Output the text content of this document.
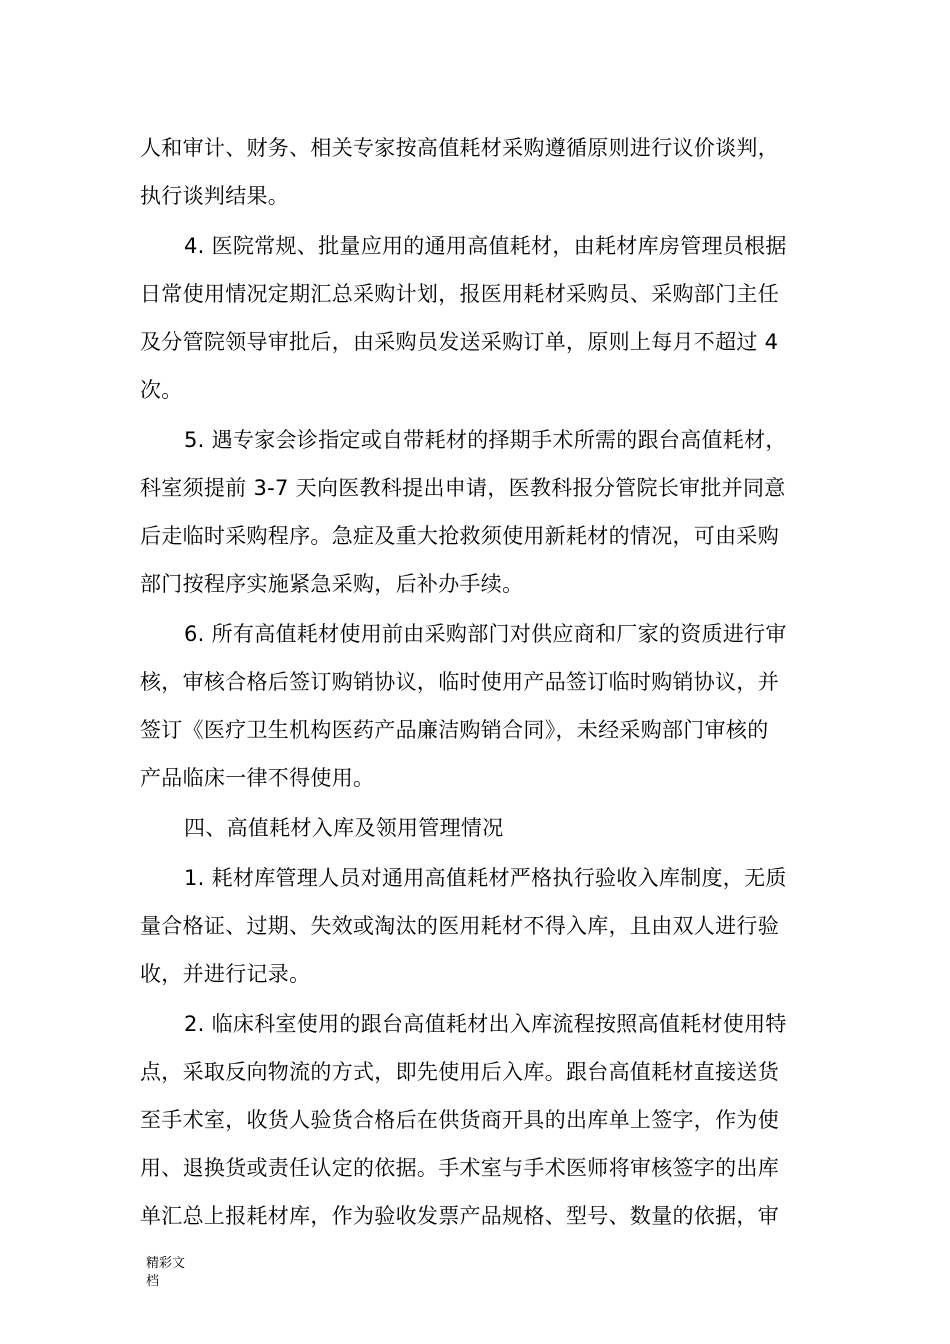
人和审计、财务、相关专家按高值耗材采购遵循原则进行议价谈判，
执行谈判结果。
4. 医院常规、批量应用的通用高值耗材，由耗材库房管理员根据
日常使用情况定期汇总采购计划，报医用耗材采购员、采购部门主任
及分管院领导审批后，由采购员发送采购订单，原则上每月不超过 4
次。
5. 遇专家会诊指定或自带耗材的择期手术所需的跟台高值耗材，
科室须提前 3-7 天向医教科提出申请，医教科报分管院长审批并同意
后走临时采购程序。急症及重大抢救须使用新耗材的情况，可由采购
部门按程序实施紧急采购，后补办手续。
6. 所有高值耗材使用前由采购部门对供应商和厂家的资质进行审
核，审核合格后签订购销协议，临时使用产品签订临时购销协议，并
签订《医疗卫生机构医药产品廉洁购销合同》，未经采购部门审核的
产品临床一律不得使用。
四、高值耗材入库及领用管理情况
1. 耗材库管理人员对通用高值耗材严格执行验收入库制度，无质
量合格证、过期、失效或淘汰的医用耗材不得入库，且由双人进行验
收，并进行记录。
2. 临床科室使用的跟台高值耗材出入库流程按照高值耗材使用特
点，采取反向物流的方式，即先使用后入库。跟台高值耗材直接送货
至手术室，收货人验货合格后在供货商开具的出库单上签字，作为使
用、退换货或责任认定的依据。手术室与手术医师将审核签字的出库
单汇总上报耗材库，作为验收发票产品规格、型号、数量的依据，审
精彩文
档
